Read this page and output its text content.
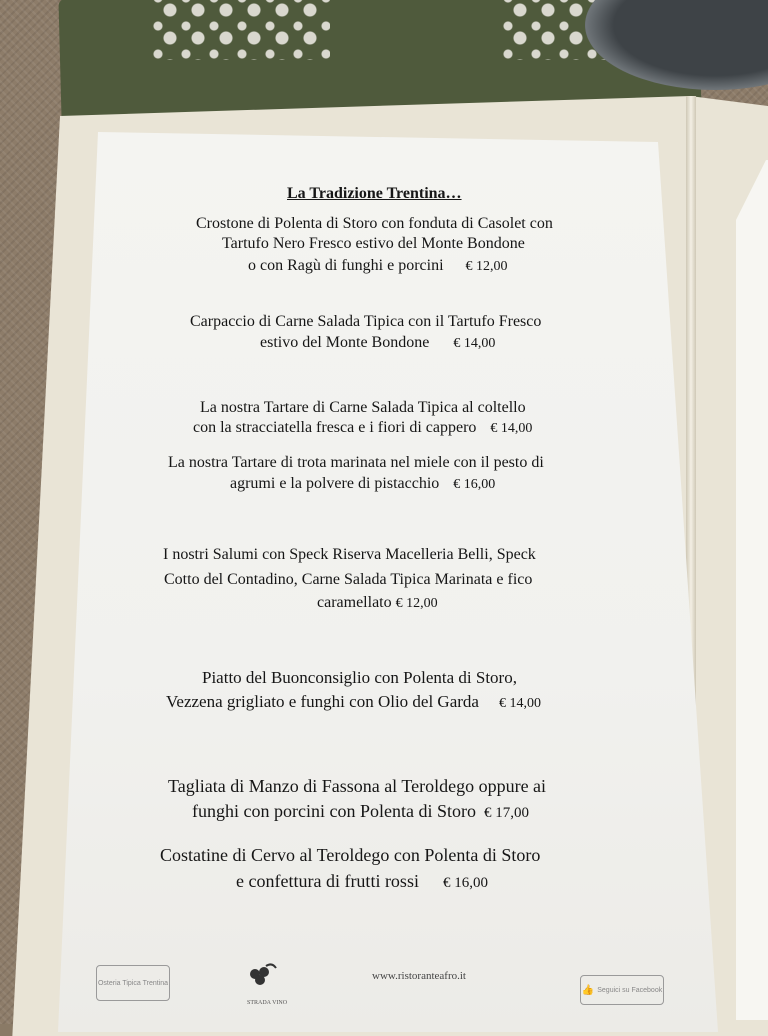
La Tradizione Trentina…
Crostone di Polenta di Storo con fonduta di Casolet con
Tartufo Nero Fresco estivo del Monte Bondone
o con Ragù di funghi e porcini € 12,00
Carpaccio di Carne Salada Tipica con il Tartufo Fresco
estivo del Monte Bondone € 14,00
La nostra Tartare di Carne Salada Tipica al coltello
con la stracciatella fresca e i fiori di cappero € 14,00
La nostra Tartare di trota marinata nel miele con il pesto di
agrumi e la polvere di pistacchio € 16,00
I nostri Salumi con Speck Riserva Macelleria Belli, Speck
Cotto del Contadino, Carne Salada Tipica Marinata e fico
caramellato € 12,00
Piatto del Buonconsiglio con Polenta di Storo,
Vezzena grigliato e funghi con Olio del Garda € 14,00
Tagliata di Manzo di Fassona al Teroldego oppure ai
funghi con porcini con Polenta di Storo € 17,00
Costatine di Cervo al Teroldego con Polenta di Storo
e confettura di frutti rossi € 16,00
Osteria Tipica Trentina
STRADA VINO
www.ristoranteafro.it
👍 Seguici su Facebook
